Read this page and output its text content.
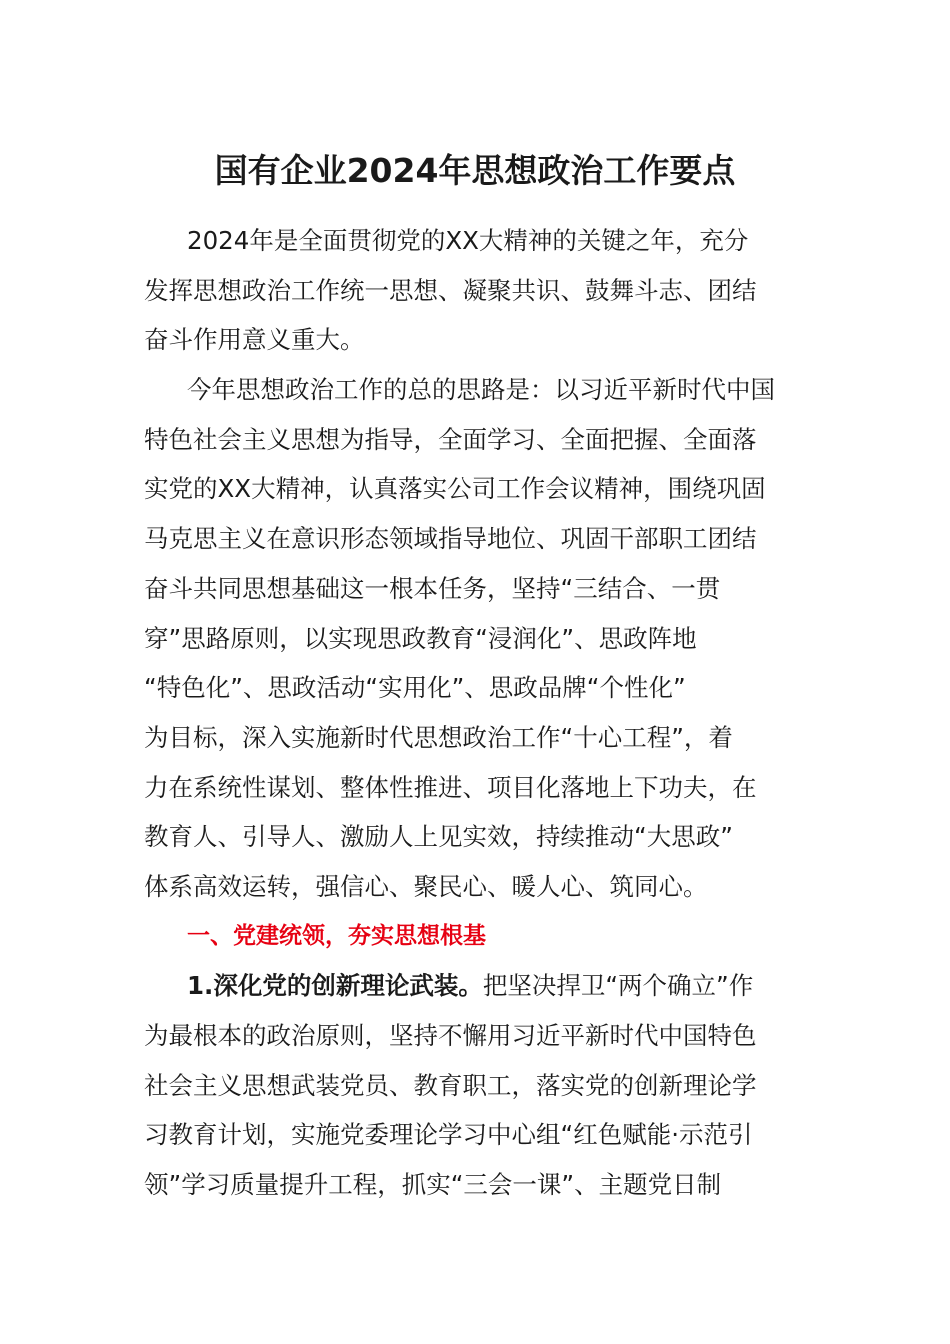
国有企业2024年思想政治工作要点
2024年是全面贯彻党的XX大精神的关键之年，充分
发挥思想政治工作统一思想、凝聚共识、鼓舞斗志、团结
奋斗作用意义重大。
今年思想政治工作的总的思路是：以习近平新时代中国
特色社会主义思想为指导，全面学习、全面把握、全面落
实党的XX大精神，认真落实公司工作会议精神，围绕巩固
马克思主义在意识形态领域指导地位、巩固干部职工团结
奋斗共同思想基础这一根本任务，坚持“三结合、一贯
穿”思路原则，以实现思政教育“浸润化”、思政阵地
“特色化”、思政活动“实用化”、思政品牌“个性化”
为目标，深入实施新时代思想政治工作“十心工程”，着
力在系统性谋划、整体性推进、项目化落地上下功夫，在
教育人、引导人、激励人上见实效，持续推动“大思政”
体系高效运转，强信心、聚民心、暖人心、筑同心。
一、党建统领，夯实思想根基
1.深化党的创新理论武装。把坚决捍卫“两个确立”作
为最根本的政治原则，坚持不懈用习近平新时代中国特色
社会主义思想武装党员、教育职工，落实党的创新理论学
习教育计划，实施党委理论学习中心组“红色赋能·示范引
领”学习质量提升工程，抓实“三会一课”、主题党日制
